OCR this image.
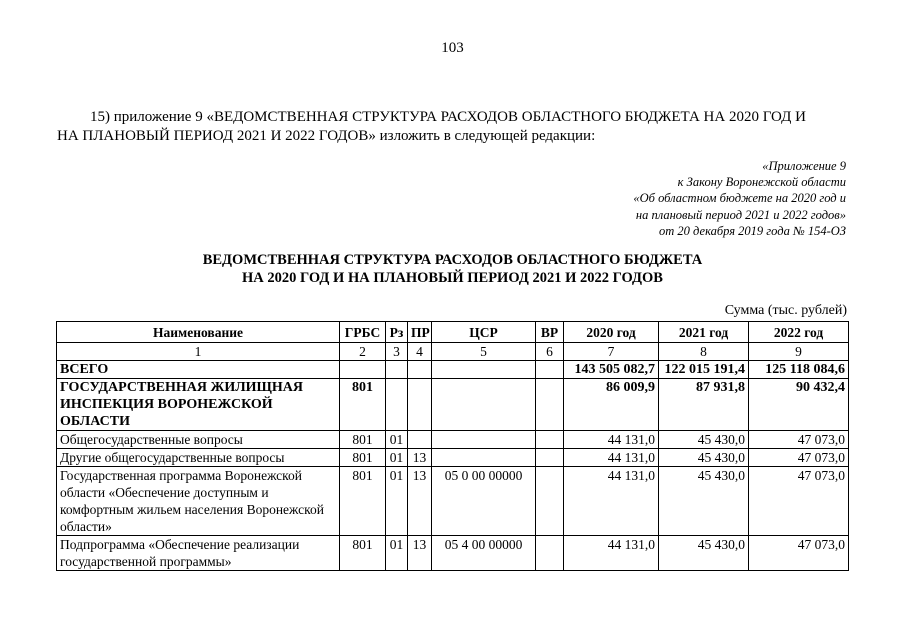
103
15) приложение 9 «ВЕДОМСТВЕННАЯ СТРУКТУРА РАСХОДОВ ОБЛАСТНОГО БЮДЖЕТА НА 2020 ГОД И
НА ПЛАНОВЫЙ ПЕРИОД 2021 И 2022 ГОДОВ» изложить в следующей редакции:
«Приложение 9
к Закону Воронежской области
«Об областном бюджете на 2020 год и
на плановый период 2021 и 2022 годов»
от 20 декабря 2019 года № 154-ОЗ
ВЕДОМСТВЕННАЯ СТРУКТУРА РАСХОДОВ ОБЛАСТНОГО БЮДЖЕТА
НА 2020 ГОД И НА ПЛАНОВЫЙ ПЕРИОД 2021 И 2022 ГОДОВ
Сумма (тыс. рублей)
Наименование	ГРБС	Рз	ПР	ЦСР	ВР	2020 год	2021 год	2022 год
1	2	3	4	5	6	7	8	9
ВСЕГО						143 505 082,7	122 015 191,4	125 118 084,6
ГОСУДАРСТВЕННАЯ ЖИЛИЩНАЯ ИНСПЕКЦИЯ ВОРОНЕЖСКОЙ ОБЛАСТИ	801					86 009,9	87 931,8	90 432,4
Общегосударственные вопросы	801	01				44 131,0	45 430,0	47 073,0
Другие общегосударственные вопросы	801	01	13			44 131,0	45 430,0	47 073,0
Государственная программа Воронежской области «Обеспечение доступным и комфортным жильем населения Воронежской области»	801	01	13	05 0 00 00000		44 131,0	45 430,0	47 073,0
Подпрограмма «Обеспечение реализации государственной программы»	801	01	13	05 4 00 00000		44 131,0	45 430,0	47 073,0
